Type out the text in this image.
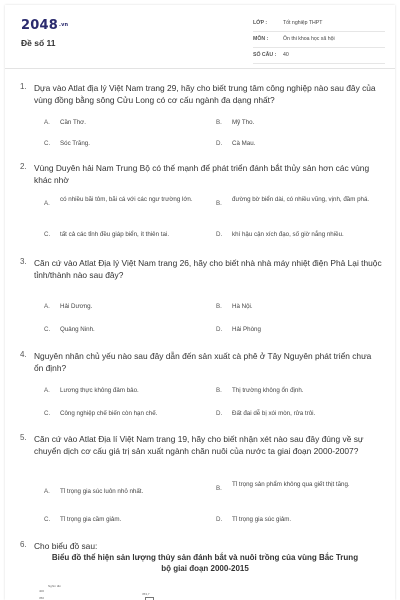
$2048^{.vn}$
Đề số 11
LỚP :	Tốt nghiệp THPT
MÔN :	Ôn thi khoa học xã hội
SỐ CÂU : 40
1. Dựa vào Atlat địa lý Việt Nam trang 29, hãy cho biết trung tâm công nghiệp nào sau đây của vùng đồng bằng sông Cửu Long có cơ cấu ngành đa dạng nhất?
A. Cần Thơ.	B. Mỹ Tho.
C. Sóc Trăng.	D. Cà Mau.
2. Vùng Duyên hải Nam Trung Bộ có thế mạnh để phát triển đánh bắt thủy sản hơn các vùng khác nhờ
A.
có nhiều bãi tôm, bãi cá với các ngư trường lớn.
B.
đường bờ biển dài, có nhiều vũng, vịnh, đầm phá.
C. tất cả các tỉnh đều giáp biển, ít thiên tai.	D. khí hậu cận xích đạo, số giờ nắng nhiều.
3. Căn cứ vào Atlat Địa lý Việt Nam trang 26, hãy cho biết nhà nhà máy nhiệt điện Phả Lại thuộc tỉnh/thành nào sau đây?
A. Hải Dương.	B. Hà Nội.
C. Quảng Ninh.	D. Hải Phòng
4. Nguyên nhân chủ yếu nào sau đây dẫn đến sản xuất cà phê ở Tây Nguyên phát triển chưa ổn định?
A. Lương thực không đảm bảo.	B. Thị trường không ổn định.
C. Công nghiệp chế biến còn hạn chế.	D. Đất đai dễ bị xói mòn, rửa trôi.
5. Căn cứ vào Atlat Địa lí Việt Nam trang 19, hãy cho biết nhận xét nào sau đây đúng về sự chuyển dịch cơ cấu giá trị sản xuất ngành chăn nuôi của nước ta giai đoạn 2000-2007?
A. Tỉ trọng gia súc luôn nhỏ nhất.	B.
Tỉ trọng sản phẩm không qua giết thịt tăng.
C. Tỉ trọng gia cầm giảm.	D. Tỉ trọng gia súc giảm.
6. Cho biểu đồ sau:
Biểu đồ thể hiện sản lượng thủy sản đánh bắt và nuôi trồng của vùng Bắc Trung
bộ giai đoạn 2000-2015
Nghìn tấn
400
350
353,7
